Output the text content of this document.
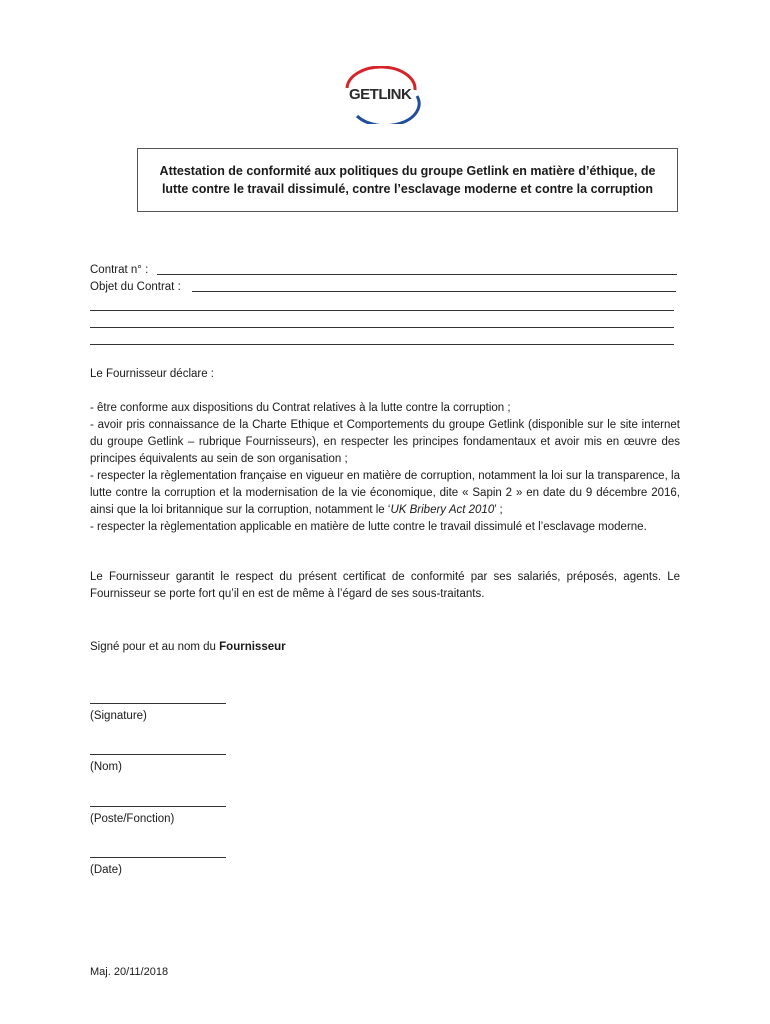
GETLINK
Attestation de conformité aux politiques du groupe Getlink en matière d’éthique, de lutte contre le travail dissimulé, contre l’esclavage moderne et contre la corruption
Contrat n° :
Objet du Contrat :

Le Fournisseur déclare :

- être conforme aux dispositions du Contrat relatives à la lutte contre la corruption ;

- avoir pris connaissance de la Charte Ethique et Comportements du groupe Getlink (disponible sur le site internet du groupe Getlink – rubrique Fournisseurs), en respecter les principes fondamentaux et avoir mis en œuvre des principes équivalents au sein de son organisation ;

- respecter la règlementation française en vigueur en matière de corruption, notamment la loi sur la transparence, la lutte contre la corruption et la modernisation de la vie économique, dite « Sapin 2 » en date du 9 décembre 2016, ainsi que la loi britannique sur la corruption, notamment le ‘UK Bribery Act 2010’ ;

- respecter la règlementation applicable en matière de lutte contre le travail dissimulé et l’esclavage moderne.

Le Fournisseur garantit le respect du présent certificat de conformité par ses salariés, préposés, agents. Le Fournisseur se porte fort qu’il en est de même à l’égard de ses sous-traitants.

Signé pour et au nom du Fournisseur
(Signature)
(Nom)
(Poste/Fonction)
(Date)
Maj. 20/11/2018
